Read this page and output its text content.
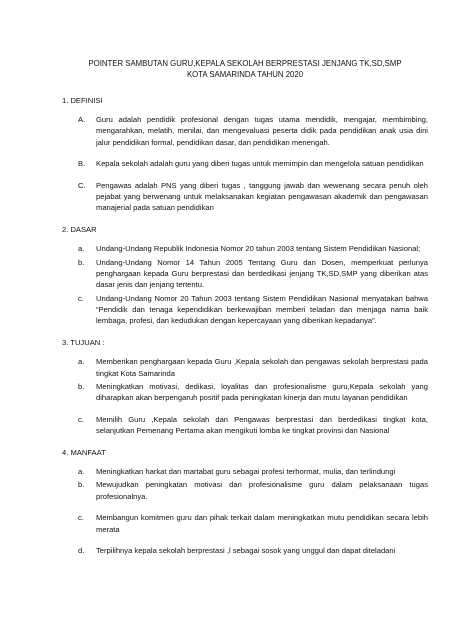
POINTER SAMBUTAN GURU,KEPALA SEKOLAH BERPRESTASI JENJANG TK,SD,SMP
KOTA SAMARINDA TAHUN 2020
1. DEFINISI
A.	Guru adalah pendidik profesional dengan tugas utama mendidik, mengajar, membimbing, mengarahkan, melatih, menilai, dan mengevaluasi peserta didik pada pendidikan anak usia dini jalur pendidikan formal, pendidikan dasar, dan pendidikan menengah.
B.	Kepala sekolah adalah guru yang diberi tugas untuk memimpin dan mengelola satuan pendidikan
C.	Pengawas adalah PNS yang diberi tugas , tanggung jawab dan wewenang secara penuh oleh pejabat yang berwenang untuk melaksanakan kegiatan pengawasan akademik dan pengawasan manajerial pada satuan pendidikan
2. DASAR
a.	Undang-Undang Republik Indonesia Nomor 20 tahun 2003 tentang Sistem Pendidikan Nasional;
b.	Undang-Undang Nomor 14 Tahun 2005 Tentang Guru dan Dosen, memperkuat perlunya penghargaan kepada Guru berprestasi dan berdedikasi jenjang TK,SD,SMP yang diberikan atas dasar jenis dan jenjang tertentu.
c.	Undang-Undang Nomor 20 Tahun 2003 tentang Sistem Pendidikan Nasional menyatakan bahwa “Pendidik dan tenaga kependidikan berkewajiban memberi teladan dan menjaga nama baik lembaga, profesi, dan kedudukan dengan kepercayaan yang diberikan kepadanya”.
3. TUJUAN :
a.	Memberikan penghargaan kepada Guru ,Kepala sekolah dan pengawas sekolah berprestasi pada tingkat Kota Samarinda
b.	Meningkatkan motivasi, dedikasi, loyalitas dan profesionalisme guru,Kepala sekolah yang diharapkan akan berpengaruh positif pada peningkatan kinerja dan mutu layanan pendidikan
c.	Memilih Guru ,Kepala sekolah dan Pengawas berprestasi dan berdedikasi tingkat kota, selanjutkan Pemenang Pertama akan mengikuti lomba ke tingkat provinsi dan Nasional
4. MANFAAT
a.	Meningkatkan harkat dan martabat guru sebagai profesi terhormat, mulia, dan terlindungi
b.	Mewujudkan peningkatan motivasi dan profesionalisme guru dalam pelaksanaan tugas profesionalnya.
c.	Membangun komitmen guru dan pihak terkait dalam meningkatkan mutu pendidikan secara lebih merata
d.	Terpilihnya kepala sekolah berprestasi ,l sebagai sosok yang unggul dan dapat diteladani
